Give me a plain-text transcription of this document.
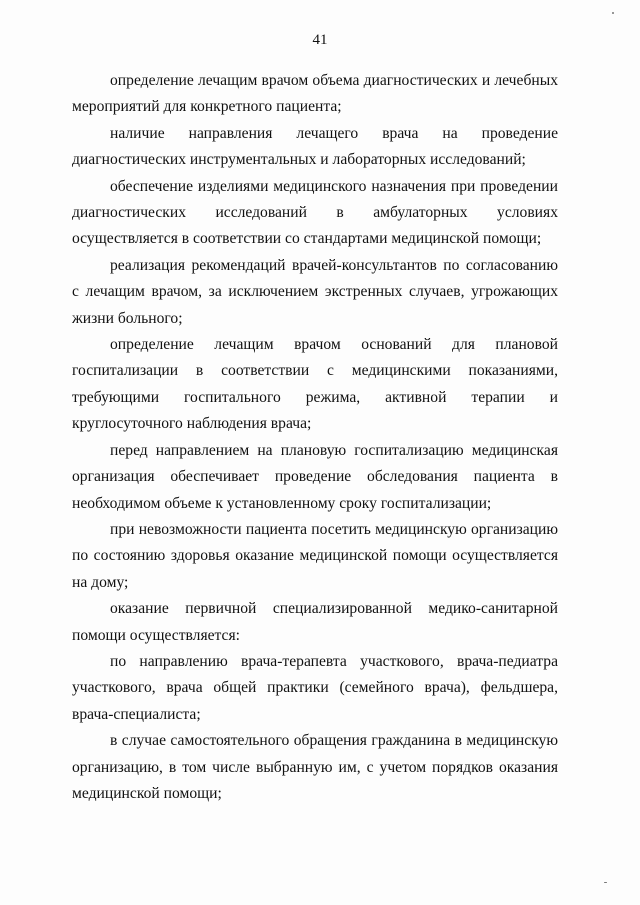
41

определение лечащим врачом объема диагностических и лечебных мероприятий для конкретного пациента;

наличие направления лечащего врача на проведение диагностических инструментальных и лабораторных исследований;

обеспечение изделиями медицинского назначения при проведении диагностических исследований в амбулаторных условиях осуществляется в соответствии со стандартами медицинской помощи;

реализация рекомендаций врачей-консультантов по согласованию с лечащим врачом, за исключением экстренных случаев, угрожающих жизни больного;

определение лечащим врачом оснований для плановой госпитализации в соответствии с медицинскими показаниями, требующими госпитального режима, активной терапии и круглосуточного наблюдения врача;

перед направлением на плановую госпитализацию медицинская организация обеспечивает проведение обследования пациента в необходимом объеме к установленному сроку госпитализации;

при невозможности пациента посетить медицинскую организацию по состоянию здоровья оказание медицинской помощи осуществляется на дому;

оказание первичной специализированной медико-санитарной помощи осуществляется:

по направлению врача-терапевта участкового, врача-педиатра участкового, врача общей практики (семейного врача), фельдшера, врача-специалиста;

в случае самостоятельного обращения гражданина в медицинскую организацию, в том числе выбранную им, с учетом порядков оказания медицинской помощи;
